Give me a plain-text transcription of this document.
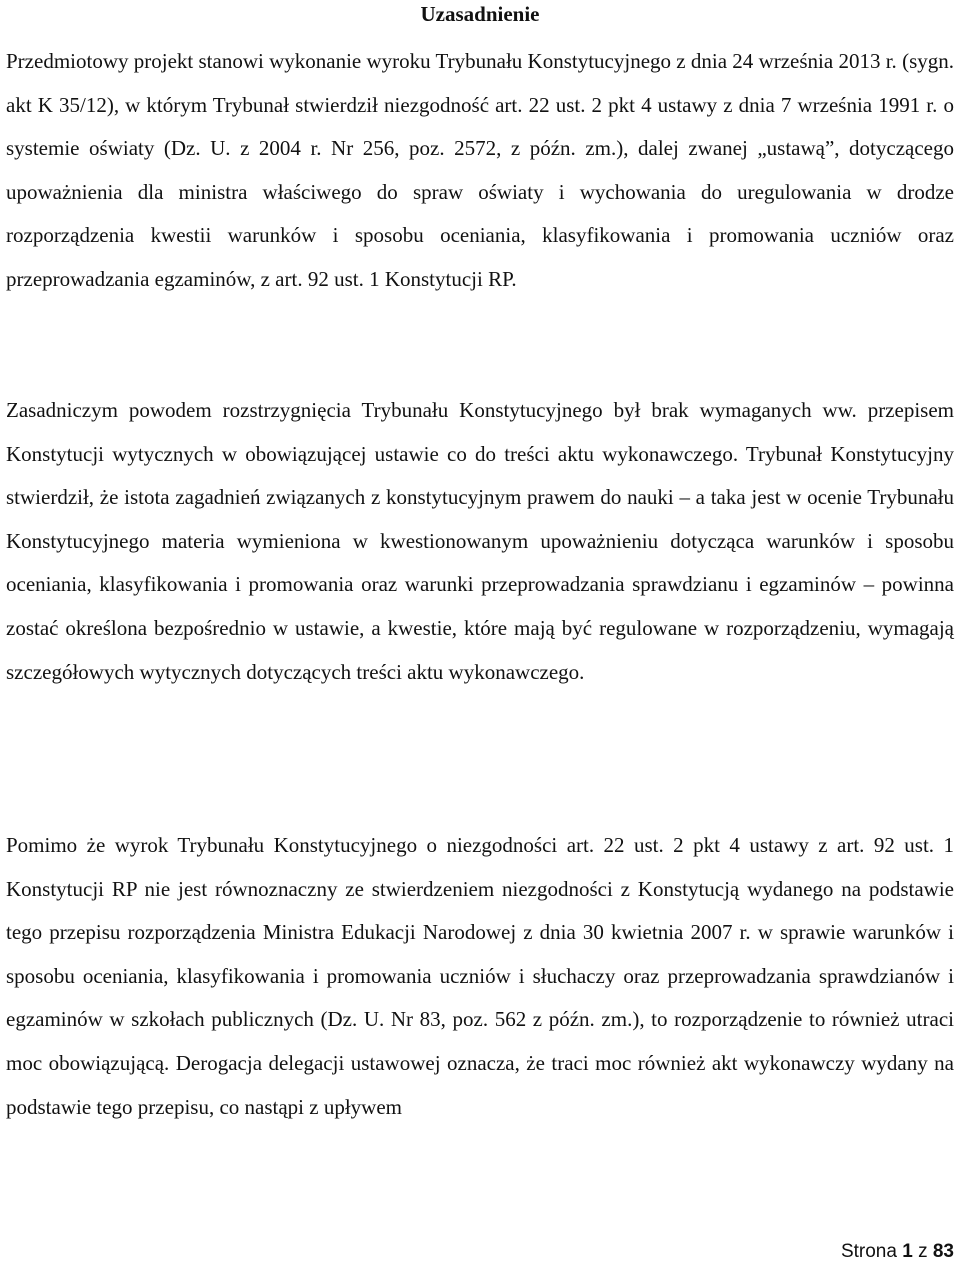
Uzasadnienie

Przedmiotowy projekt stanowi wykonanie wyroku Trybunału Konstytucyjnego z dnia 24 września 2013 r. (sygn. akt K 35/12), w którym Trybunał stwierdził niezgodność art. 22 ust. 2 pkt 4 ustawy z dnia 7 września 1991 r. o systemie oświaty (Dz. U. z 2004 r. Nr 256, poz. 2572, z późn. zm.), dalej zwanej „ustawą”, dotyczącego upoważnienia dla ministra właściwego do spraw oświaty i wychowania do uregulowania w drodze rozporządzenia kwestii warunków i sposobu oceniania, klasyfikowania i promowania uczniów oraz przeprowadzania egzaminów, z art. 92 ust. 1 Konstytucji RP.

Zasadniczym powodem rozstrzygnięcia Trybunału Konstytucyjnego był brak wymaganych ww. przepisem Konstytucji wytycznych w obowiązującej ustawie co do treści aktu wykonawczego. Trybunał Konstytucyjny stwierdził, że istota zagadnień związanych z konstytucyjnym prawem do nauki – a taka jest w ocenie Trybunału Konstytucyjnego materia wymieniona w kwestionowanym upoważnieniu dotycząca warunków i sposobu oceniania, klasyfikowania i promowania oraz warunki przeprowadzania sprawdzianu i egzaminów – powinna zostać określona bezpośrednio w ustawie, a kwestie, które mają być regulowane w rozporządzeniu, wymagają szczegółowych wytycznych dotyczących treści aktu wykonawczego.

Pomimo że wyrok Trybunału Konstytucyjnego o niezgodności art. 22 ust. 2 pkt 4 ustawy z art. 92 ust. 1 Konstytucji RP nie jest równoznaczny ze stwierdzeniem niezgodności z Konstytucją wydanego na podstawie tego przepisu rozporządzenia Ministra Edukacji Narodowej z dnia 30 kwietnia 2007 r. w sprawie warunków i sposobu oceniania, klasyfikowania i promowania uczniów i słuchaczy oraz przeprowadzania sprawdzianów i egzaminów w szkołach publicznych (Dz. U. Nr 83, poz. 562 z późn. zm.), to rozporządzenie to również utraci moc obowiązującą. Derogacja delegacji ustawowej oznacza, że traci moc również akt wykonawczy wydany na podstawie tego przepisu, co nastąpi z upływem

Strona 1 z 83
